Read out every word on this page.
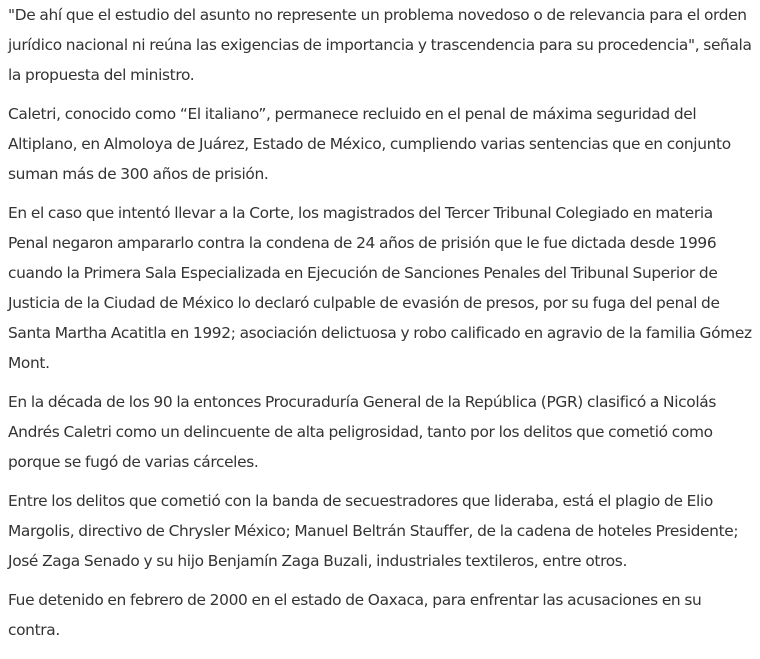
"De ahí que el estudio del asunto no represente un problema novedoso o de relevancia para el orden jurídico nacional ni reúna las exigencias de importancia y trascendencia para su procedencia", señala la propuesta del ministro.

Caletri, conocido como “El italiano”, permanece recluido en el penal de máxima seguridad del Altiplano, en Almoloya de Juárez, Estado de México, cumpliendo varias sentencias que en conjunto suman más de 300 años de prisión.

En el caso que intentó llevar a la Corte, los magistrados del Tercer Tribunal Colegiado en materia Penal negaron ampararlo contra la condena de 24 años de prisión que le fue dictada desde 1996 cuando la Primera Sala Especializada en Ejecución de Sanciones Penales del Tribunal Superior de Justicia de la Ciudad de México lo declaró culpable de evasión de presos, por su fuga del penal de Santa Martha Acatitla en 1992; asociación delictuosa y robo calificado en agravio de la familia Gómez Mont.

En la década de los 90 la entonces Procuraduría General de la República (PGR) clasificó a Nicolás Andrés Caletri como un delincuente de alta peligrosidad, tanto por los delitos que cometió como porque se fugó de varias cárceles.

Entre los delitos que cometió con la banda de secuestradores que lideraba, está el plagio de Elio Margolis, directivo de Chrysler México; Manuel Beltrán Stauffer, de la cadena de hoteles Presidente; José Zaga Senado y su hijo Benjamín Zaga Buzali, industriales textileros, entre otros.

Fue detenido en febrero de 2000 en el estado de Oaxaca, para enfrentar las acusaciones en su contra.
